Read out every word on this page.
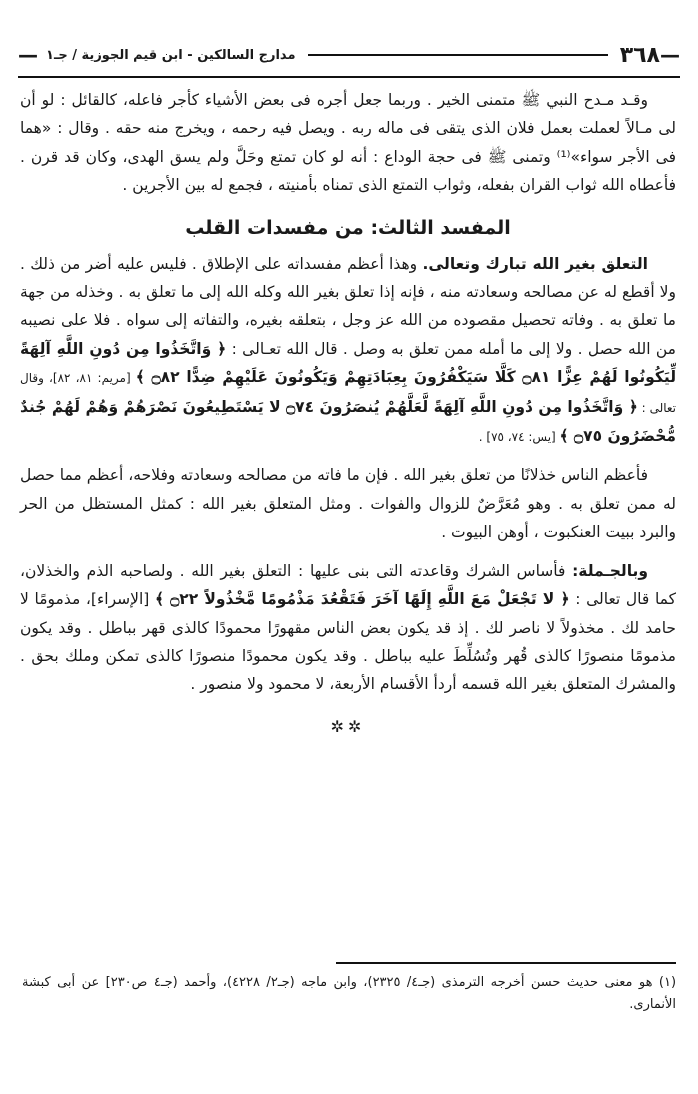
—
٣٦٨
مدارج السالكين - ابن قيم الجوزية / جـ١
—

وقـد مـدح النبي ﷺ متمنى الخير . وربما جعل أجره فى بعض الأشياء كأجر فاعله، كالقائل : لو أن لى مـالاً لعملت بعمل فلان الذى يتقى فى ماله ربه . ويصل فيه رحمه ، ويخرج منه حقه . وقال : «هما فى الأجر سواء»⁽¹⁾ وتمنى ﷺ فى حجة الوداع : أنه لو كان تمتع وحَلَّ ولم يسق الهدى، وكان قد قرن . فأعطاه الله ثواب القران بفعله، وثواب التمتع الذى تمناه بأمنيته ، فجمع له بين الأجرين .

المفسد الثالث: من مفسدات القلب

التعلق بغير الله تبارك وتعالى. وهذا أعظم مفسداته على الإطلاق . فليس عليه أضر من ذلك . ولا أقطع له عن مصالحه وسعادته منه ، فإنه إذا تعلق بغير الله وكله الله إلى ما تعلق به . وخذله من جهة ما تعلق به . وفاته تحصيل مقصوده من الله عز وجل ، بتعلقه بغيره، والتفاته إلى سواه . فلا على نصيبه من الله حصل . ولا إلى ما أمله ممن تعلق به وصل . قال الله تعـالى : ﴿ وَاتَّخَذُوا مِن دُونِ اللَّهِ آلِهَةً لِّيَكُونُوا لَهُمْ عِزًّا ۝٨١ كَلَّا سَيَكْفُرُونَ بِعِبَادَتِهِمْ وَيَكُونُونَ عَلَيْهِمْ ضِدًّا ۝٨٢ ﴾ [مريم: ٨١، ٨٢]، وقال تعالى : ﴿ وَاتَّخَذُوا مِن دُونِ اللَّهِ آلِهَةً لَّعَلَّهُمْ يُنصَرُونَ ۝٧٤ لا يَسْتَطِيعُونَ نَصْرَهُمْ وَهُمْ لَهُمْ جُندٌ مُّحْضَرُونَ ۝٧٥ ﴾ [يس: ٧٤، ٧٥] .

فأعظم الناس خذلانًا من تعلق بغير الله . فإن ما فاته من مصالحه وسعادته وفلاحه، أعظم مما حصل له ممن تعلق به . وهو مُعَرَّضٌ للزوال والفوات . ومثل المتعلق بغير الله : كمثل المستظل من الحر والبرد ببيت العنكبوت ، أوهن البيوت .

وبالجـملة: فأساس الشرك وقاعدته التى بنى عليها : التعلق بغير الله . ولصاحبه الذم والخذلان، كما قال تعالى : ﴿ لا تَجْعَلْ مَعَ اللَّهِ إِلَهًا آخَرَ فَتَقْعُدَ مَذْمُومًا مَّخْذُولاً ۝٢٢ ﴾ [الإسراء]، مذمومًا لا حامد لك . مخذولاً لا ناصر لك . إذ قد يكون بعض الناس مقهورًا محمودًا كالذى قهر بباطل . وقد يكون مذمومًا منصورًا كالذى قُهر وتُسُلِّطَ عليه بباطل . وقد يكون محمودًا منصورًا كالذى تمكن وملك بحق . والمشرك المتعلق بغير الله قسمه أردأ الأقسام الأربعة، لا محمود ولا منصور .

✲✲
(١) هو معنى حديث حسن أخرجه الترمذى (جـ٤/ ٢٣٢٥)، وابن ماجه (جـ٢/ ٤٢٢٨)، وأحمد (جـ٤ ص٢٣٠] عن أبى كبشة الأنمارى.
